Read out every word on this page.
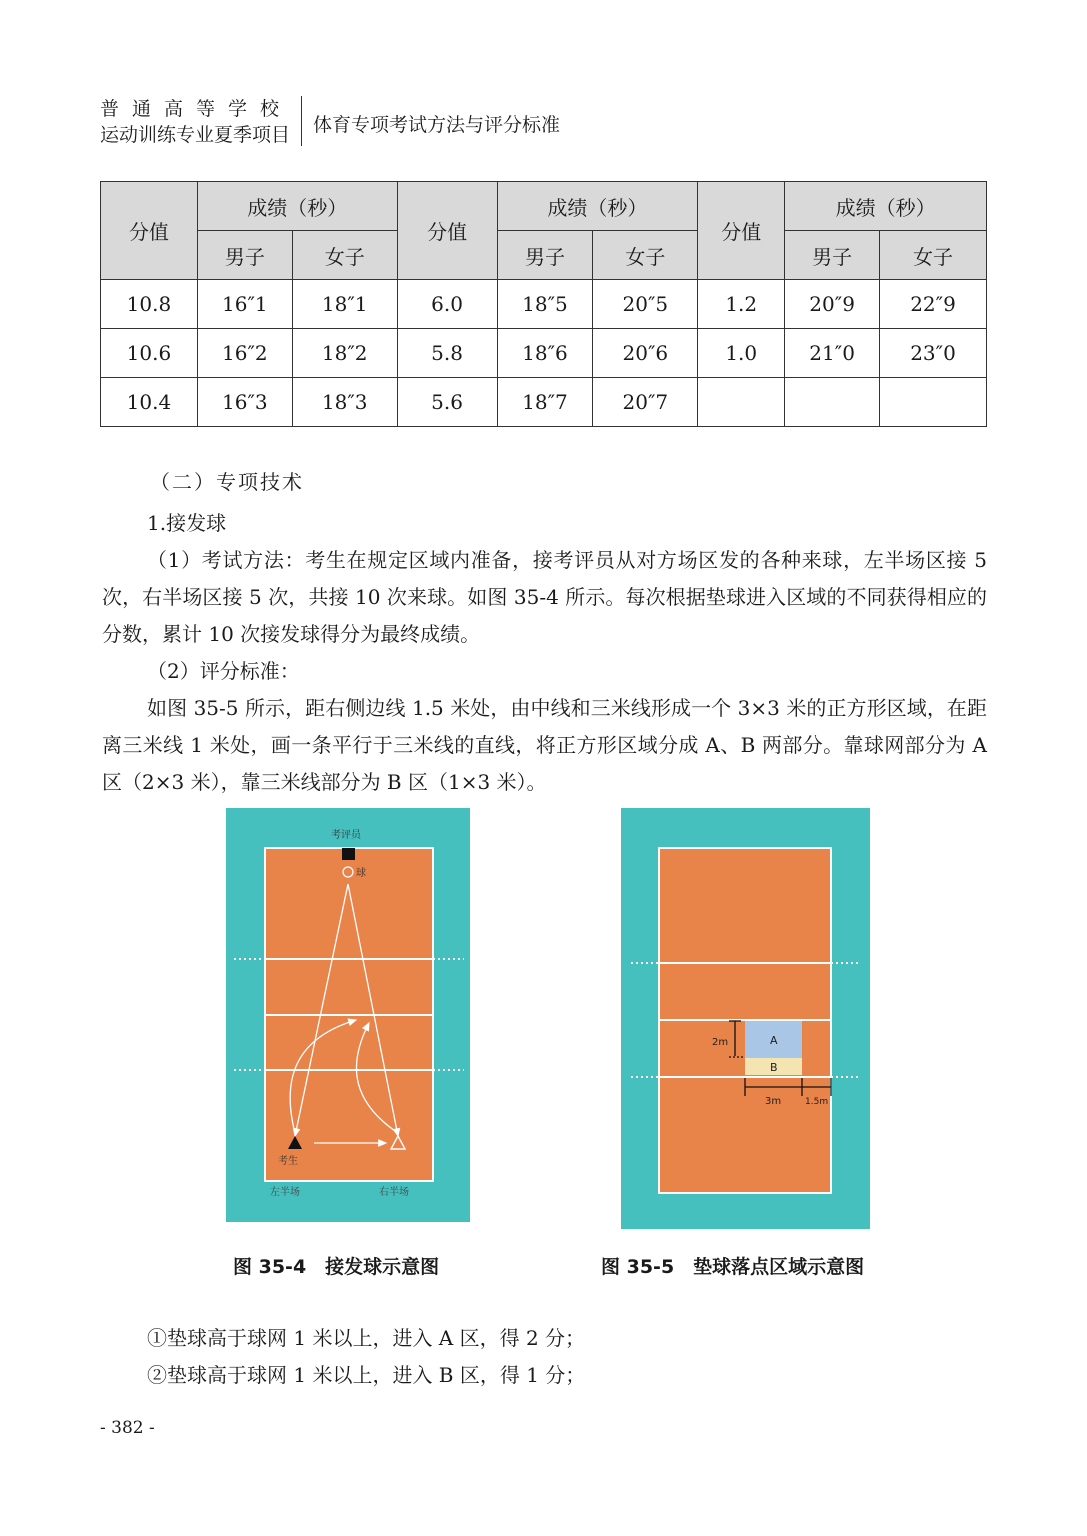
普通高等学校
运动训练专业夏季项目	体育专项考试方法与评分标准
分值	成绩（秒）		分值	成绩（秒）		分值	成绩（秒）	
	男子	女子		男子	女子		男子	女子
10.8	16″1	18″1	6.0	18″5	20″5	1.2	20″9	22″9
10.6	16″2	18″2	5.8	18″6	20″6	1.0	21″0	23″0
10.4	16″3	18″3	5.6	18″7	20″7			
（二）专项技术
1.接发球
（1）考试方法：考生在规定区域内准备，接考评员从对方场区发的各种来球，左半场区接 5 次，右半场区接 5 次，共接 10 次来球。如图 35-4 所示。每次根据垫球进入区域的不同获得相应的分数，累计 10 次接发球得分为最终成绩。
（2）评分标准：
如图 35-5 所示，距右侧边线 1.5 米处，由中线和三米线形成一个 3×3 米的正方形区域，在距离三米线 1 米处，画一条平行于三米线的直线，将正方形区域分成 A、B 两部分。靠球网部分为 A 区（2×3 米），靠三米线部分为 B 区（1×3 米）。
考评员
球
考生
左半场	右半场
A
B
2m
3m	1.5m
图 35-4　接发球示意图	图 35-5　垫球落点区域示意图
①垫球高于球网 1 米以上，进入 A 区，得 2 分；
②垫球高于球网 1 米以上，进入 B 区，得 1 分；
- 382 -
